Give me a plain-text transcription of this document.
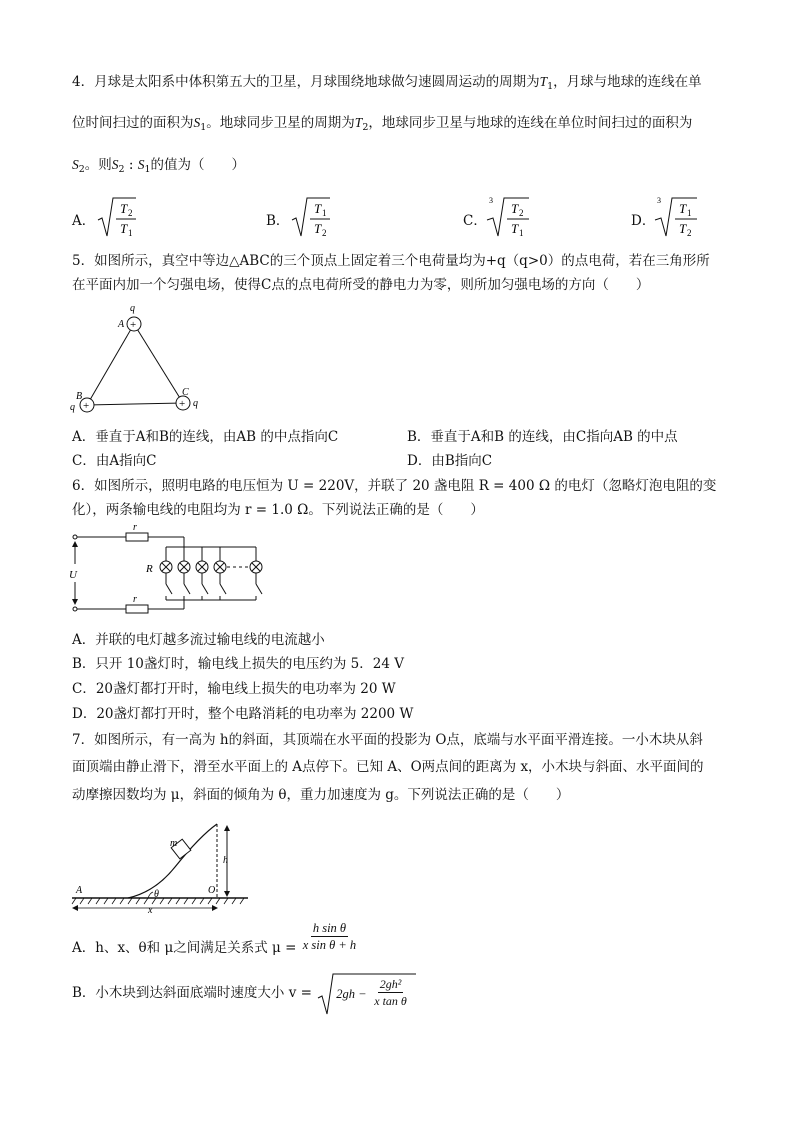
4．月球是太阳系中体积第五大的卫星，月球围绕地球做匀速圆周运动的周期为$T_1$，月球与地球的连线在单
位时间扫过的面积为$S_1$。地球同步卫星的周期为$T_2$，地球同步卫星与地球的连线在单位时间扫过的面积为
$S_2$。则$S_2$ : $S_1$的值为（　　）
A．
T 2
T 1
B．
T 1
T 2
C．
3
T 2
T 1
D．
3
T 1
T 2
5．如图所示，真空中等边△ABC的三个顶点上固定着三个电荷量均为+q（q>0）的点电荷，若在三角形所
在平面内加一个匀强电场，使得C点的点电荷所受的静电力为零，则所加匀强电场的方向（　　）
+
+	+
q
A
B
q
C
q
A．垂直于A和B的连线，由AB 的中点指向C	B．垂直于A和B 的连线，由C指向AB 的中点
C．由A指向C	D．由B指向C
6．如图所示，照明电路的电压恒为 U = 220V，并联了 20 盏电阻 R = 400 Ω 的电灯（忽略灯泡电阻的变
化），两条输电线的电阻均为 r = 1.0 Ω。下列说法正确的是（　　）
U
r
r
R
A．并联的电灯越多流过输电线的电流越小
B．只开 10盏灯时，输电线上损失的电压约为 5．24 V
C．20盏灯都打开时，输电线上损失的电功率为 20 W
D．20盏灯都打开时，整个电路消耗的电功率为 2200 W
7．如图所示，有一高为 h的斜面，其顶端在水平面的投影为 O点，底端与水平面平滑连接。一小木块从斜
面顶端由静止滑下，滑至水平面上的 A点停下。已知 A、O两点间的距离为 x，小木块与斜面、水平面间的
动摩擦因数均为 μ，斜面的倾角为 θ，重力加速度为 g。下列说法正确的是（　　）
h
m
A	O
θ
x
A．h、x、θ和 μ之间满足关系式 $\mu = \frac{\text{h sin θ}}{\text{x sin θ + h}}$
B．小木块到达斜面底端时速度大小 $v = 2gh - \frac{\text{2gh²}}{\text{x tan θ}}$
